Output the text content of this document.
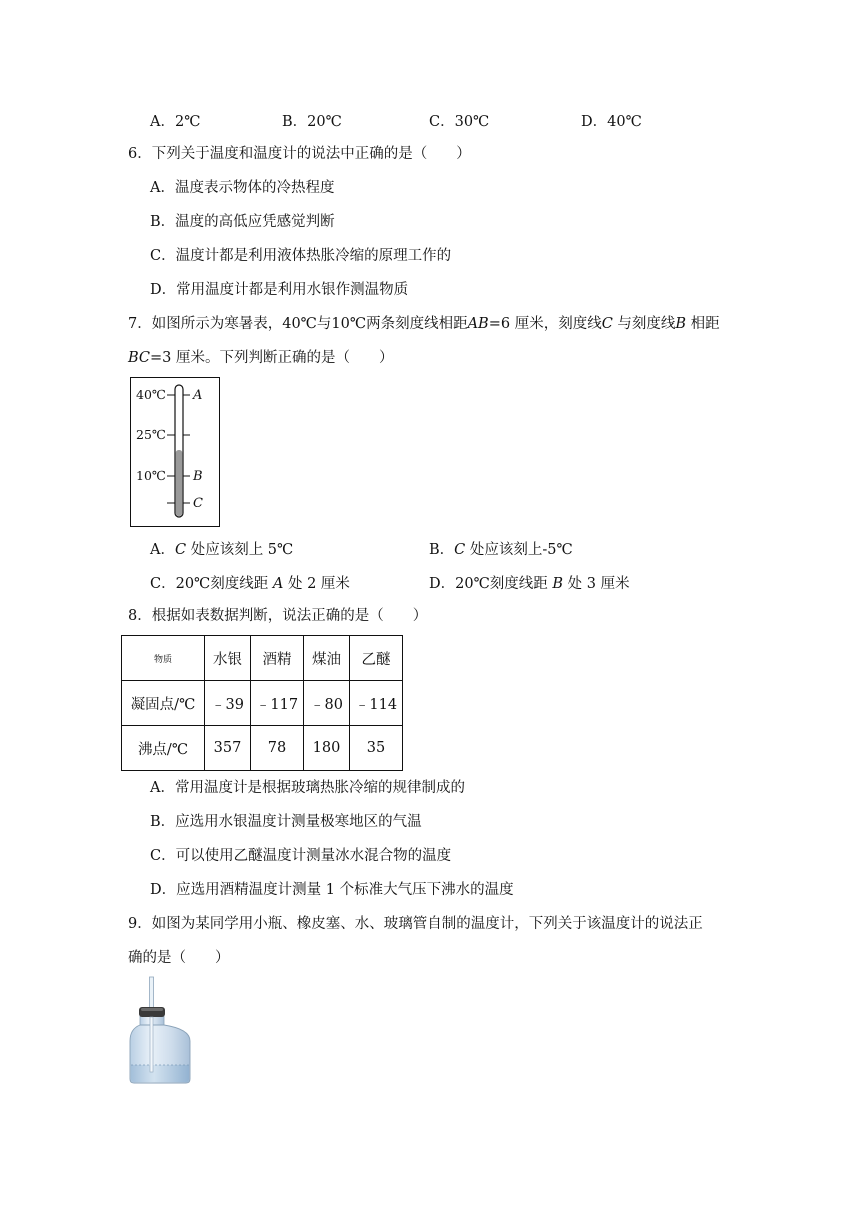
A．2℃	B．20℃	C．30℃	D．40℃
6．下列关于温度和温度计的说法中正确的是（　　）
A．温度表示物体的冷热程度
B．温度的高低应凭感觉判断
C．温度计都是利用液体热胀冷缩的原理工作的
D．常用温度计都是利用水银作测温物质
7．如图所示为寒暑表，40℃与10℃两条刻度线相距AB=6 厘米，刻度线C 与刻度线B 相距
BC=3 厘米。下列判断正确的是（　　）
40℃
25℃
10℃
A
B
C
A．C 处应该刻上 5℃	B．C 处应该刻上-5℃
C．20℃刻度线距 A 处 2 厘米	D．20℃刻度线距 B 处 3 厘米
8．根据如表数据判断，说法正确的是（　　）
物质	水银	酒精	煤油	乙醚
凝固点/℃	﹣39	﹣117	﹣80	﹣114
沸点/℃	357	78	180	35
A．常用温度计是根据玻璃热胀冷缩的规律制成的
B．应选用水银温度计测量极寒地区的气温
C．可以使用乙醚温度计测量冰水混合物的温度
D．应选用酒精温度计测量 1 个标准大气压下沸水的温度
9．如图为某同学用小瓶、橡皮塞、水、玻璃管自制的温度计，下列关于该温度计的说法正
确的是（　　）
